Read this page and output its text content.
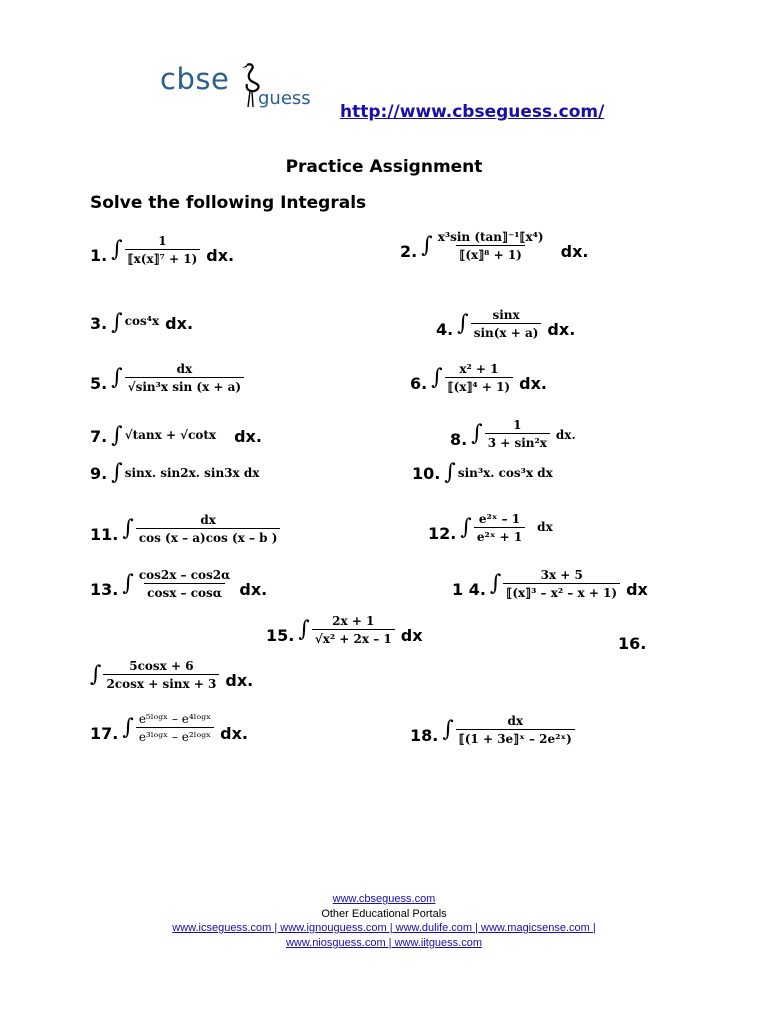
cbse
guess
http://www.cbseguess.com/
Practice Assignment
Solve the following Integrals
1. ∫ $\frac{1}{\text{⟦x(x⟧⁷ + 1)}}$ dx.	2. ∫ $\frac{\text{x³sin (tan⟧⁻¹⟦x⁴)}}{\text{⟦(x⟧⁸ + 1)}}$ dx.
3. ∫ cos⁴x dx.	4. ∫ $\frac{\sin x}{\sin(x + a)}$ dx.
5. ∫ $\frac{dx}{\text{√sin³x sin (x + a)}}$	6. ∫ $\frac{\text{x² + 1}}{\text{⟦(x⟧⁴ + 1)}}$ dx.
7. ∫ √tanx + √cotx dx.	8. ∫ $\frac{1}{\text{3 + sin²x}}$ dx.
9. ∫ sinx. sin2x. sin3x dx	10. ∫ sin³x. cos³x dx
11. ∫ $\frac{dx}{\cos (x - a)\cos (x - b )}$	12. ∫ $\frac{\text{e²ˣ – 1}}{\text{e²ˣ + 1}}$ dx
13. ∫ $\frac{\cos 2x - \cos 2\alpha}{\cos x - \cos\alpha}$ dx.	1 4. ∫ $\frac{3x + 5}{\text{⟦(x⟧³ – x² – x + 1)}}$ dx
15. ∫ $\frac{2x + 1}{\text{√x² + 2x – 1}}$ dx	16.
∫ $\frac{5\cos x + 6}{2\cos x + \sin x + 3}$ dx.
17. ∫ $\frac{\text{e⁵ˡᵒᵍˣ – e⁴ˡᵒᵍˣ}}{\text{e³ˡᵒᵍˣ – e²ˡᵒᵍˣ}}$ dx.	18. ∫ $\frac{dx}{\text{⟦(1 + 3e⟧ˣ – 2e²ˣ)}}$
www.cbseguess.com
Other Educational Portals
www.icseguess.com | www.ignouguess.com | www.dulife.com | www.magicsense.com |
www.niosguess.com | www.iitguess.com
